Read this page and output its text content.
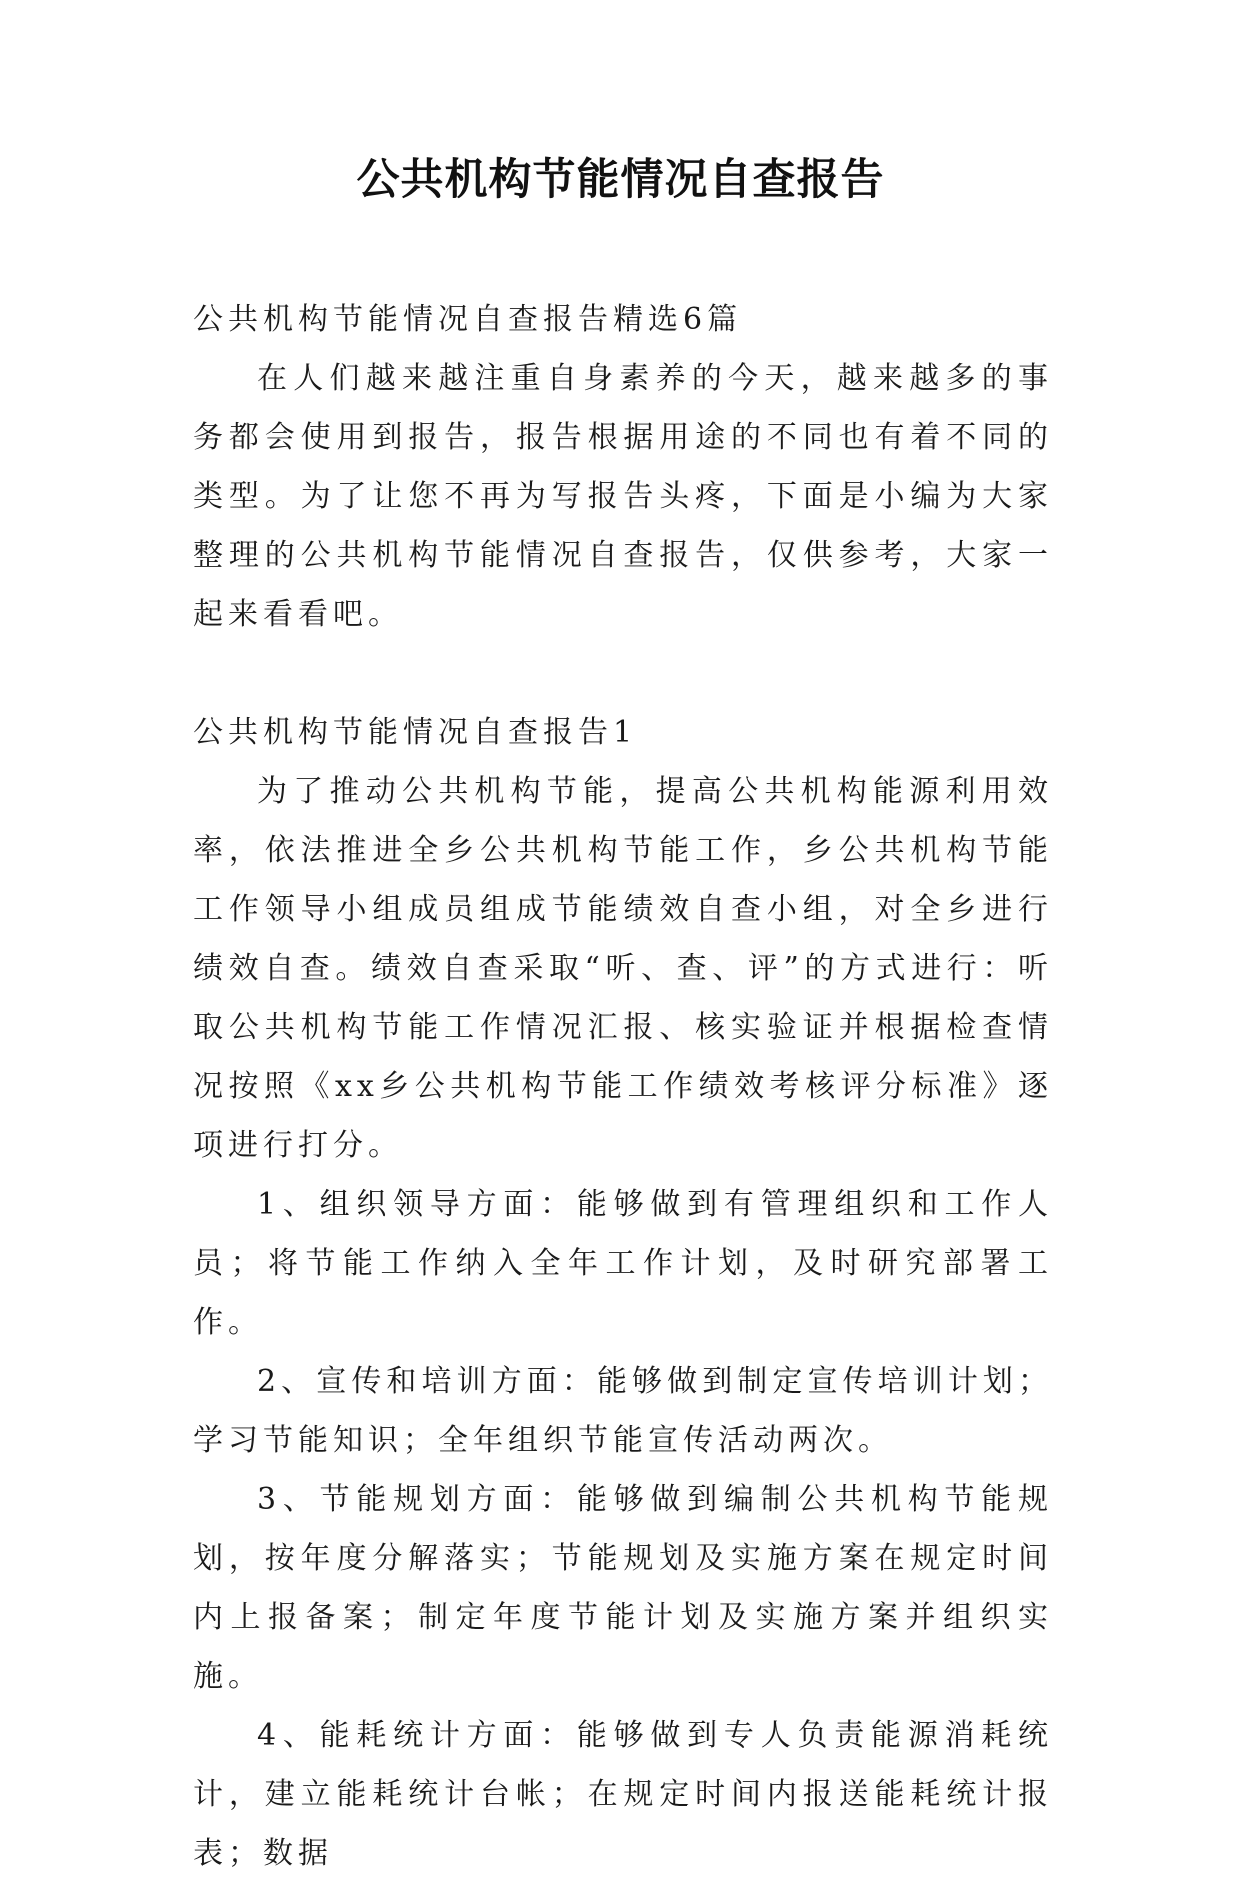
公共机构节能情况自查报告

公共机构节能情况自查报告精选6篇

在人们越来越注重自身素养的今天，越来越多的事务都会使用到报告，报告根据用途的不同也有着不同的类型。为了让您不再为写报告头疼，下面是小编为大家整理的公共机构节能情况自查报告，仅供参考，大家一起来看看吧。

公共机构节能情况自查报告1

为了推动公共机构节能，提高公共机构能源利用效率，依法推进全乡公共机构节能工作，乡公共机构节能工作领导小组成员组成节能绩效自查小组，对全乡进行绩效自查。绩效自查采取“听、查、评”的方式进行：听取公共机构节能工作情况汇报、核实验证并根据检查情况按照《xx乡公共机构节能工作绩效考核评分标准》逐项进行打分。

1、组织领导方面：能够做到有管理组织和工作人员；将节能工作纳入全年工作计划，及时研究部署工作。

2、宣传和培训方面：能够做到制定宣传培训计划；学习节能知识；全年组织节能宣传活动两次。

3、节能规划方面：能够做到编制公共机构节能规划，按年度分解落实；节能规划及实施方案在规定时间内上报备案；制定年度节能计划及实施方案并组织实施。

4、能耗统计方面：能够做到专人负责能源消耗统计，建立能耗统计台帐；在规定时间内报送能耗统计报表；数据
